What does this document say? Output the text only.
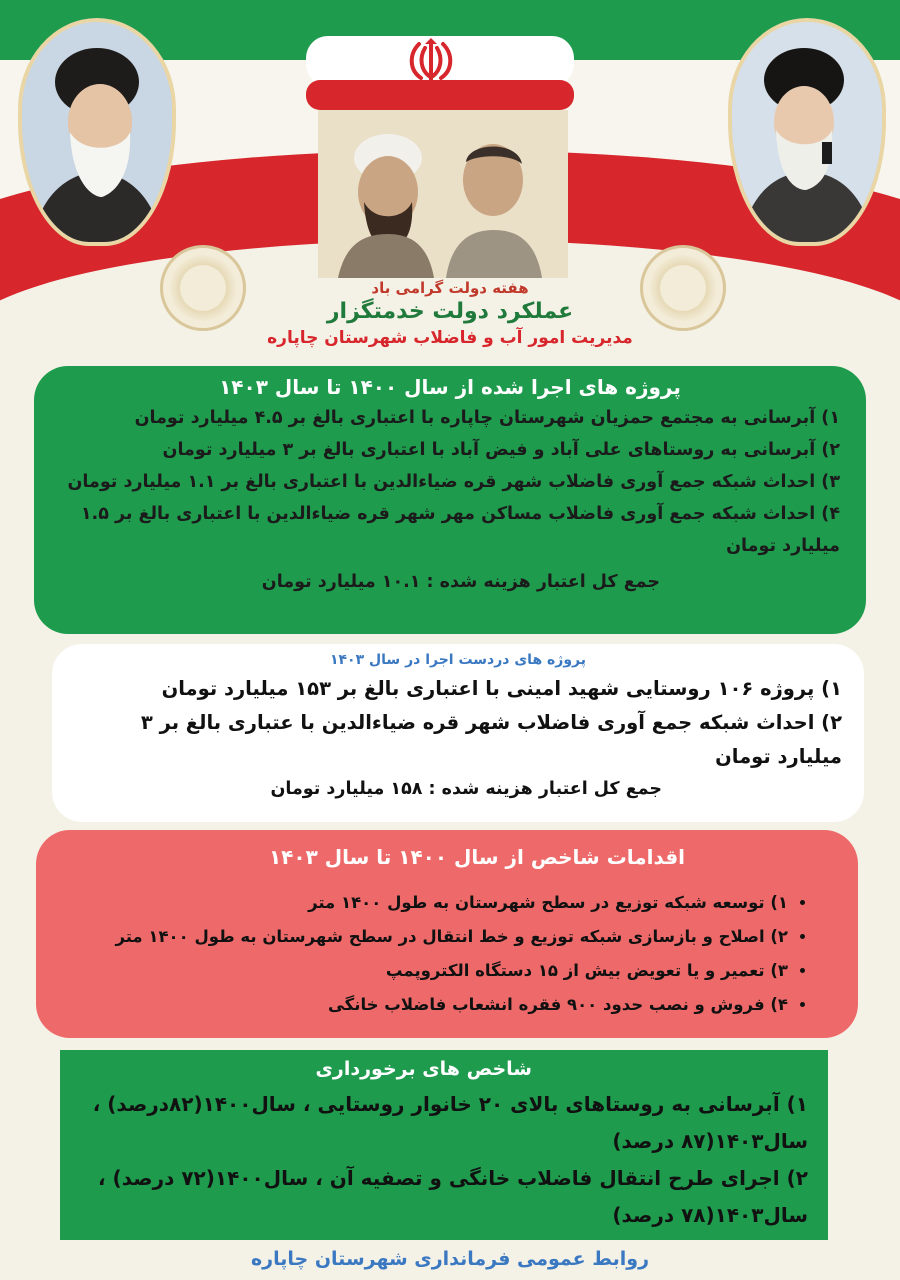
هفته دولت گرامی باد
عملکرد دولت خدمتگزار
مدیریت امور آب و فاضلاب شهرستان چاپاره
پروژه های اجرا شده از سال ۱۴۰۰ تا سال ۱۴۰۳
۱) آبرسانی به مجتمع حمزیان شهرستان چاپاره با اعتباری بالغ بر ۴.۵ میلیارد تومان
۲) آبرسانی به روستاهای علی آباد و فیض آباد با اعتباری بالغ بر ۳ میلیارد تومان
۳) احداث شبکه جمع آوری فاضلاب شهر قره ضیاءالدین با اعتباری بالغ بر ۱.۱ میلیارد تومان
۴) احداث شبکه جمع آوری فاضلاب مساکن مهر شهر قره ضیاءالدین با اعتباری بالغ بر ۱.۵ میلیارد تومان
جمع کل اعتبار هزینه شده : ۱۰.۱ میلیارد تومان
پروژه های دردست اجرا در سال ۱۴۰۳
۱) پروژه ۱۰۶ روستایی شهید امینی با اعتباری بالغ بر ۱۵۳ میلیارد تومان
۲) احداث شبکه جمع آوری فاضلاب شهر قره ضیاءالدین با عتباری بالغ بر ۳ میلیارد تومان
جمع کل اعتبار هزینه شده : ۱۵۸ میلیارد تومان
اقدامات شاخص از سال ۱۴۰۰ تا سال ۱۴۰۳
• ۱) توسعه شبکه توزیع در سطح شهرستان به طول ۱۴۰۰ متر
• ۲) اصلاح و بازسازی شبکه توزیع و خط انتقال در سطح شهرستان به طول ۱۴۰۰ متر
• ۳) تعمیر و یا تعویض بیش از ۱۵ دستگاه الکتروپمپ
• ۴) فروش و نصب حدود ۹۰۰ فقره انشعاب فاضلاب خانگی
شاخص های برخورداری
۱) آبرسانی به روستاهای بالای ۲۰ خانوار روستایی ، سال۱۴۰۰(۸۲درصد) ، سال۱۴۰۳(۸۷ درصد)
۲) اجرای طرح انتقال فاضلاب خانگی و تصفیه آن ، سال۱۴۰۰(۷۲ درصد) ، سال۱۴۰۳(۷۸ درصد)
روابط عمومی فرمانداری شهرستان چاپاره
